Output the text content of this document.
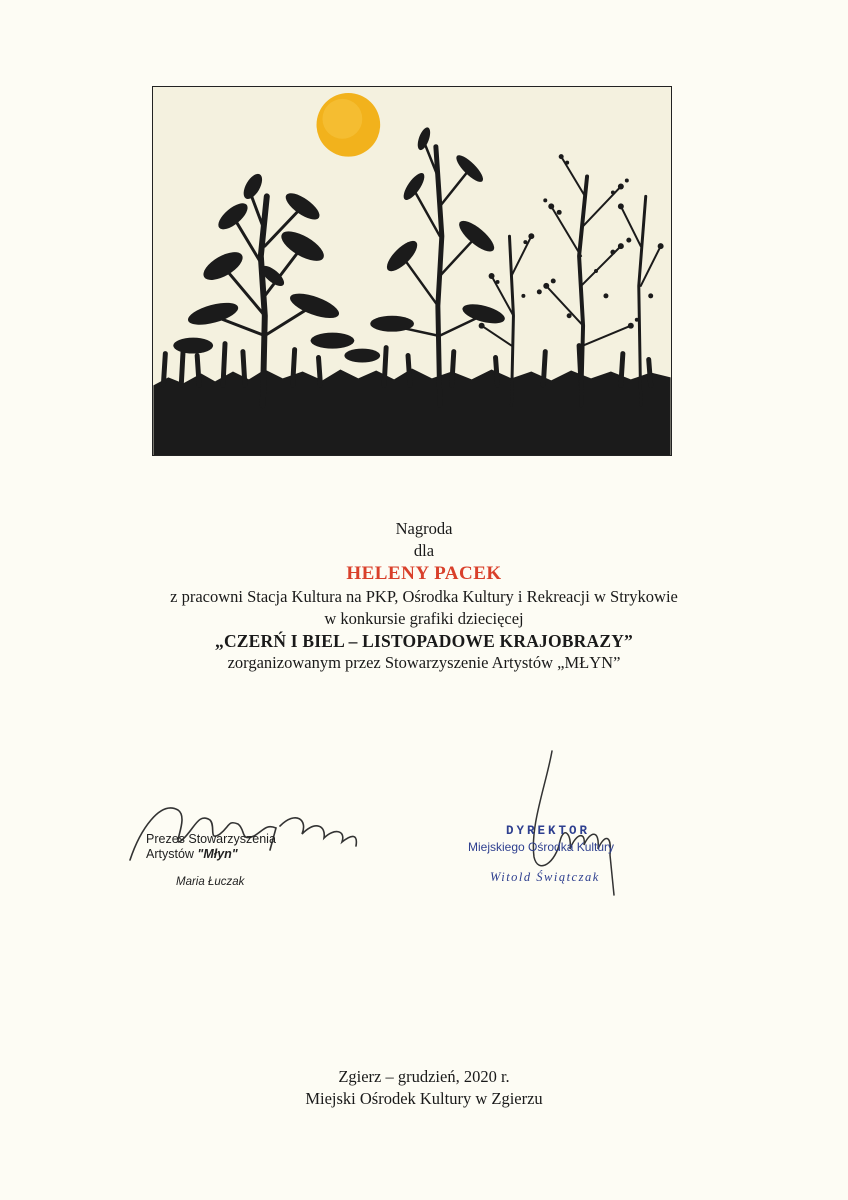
Nagroda
dla
HELENY PACEK
z pracowni Stacja Kultura na PKP, Ośrodka Kultury i Rekreacji w Strykowie
w konkursie grafiki dziecięcej
„CZERŃ I BIEL – LISTOPADOWE KRAJOBRAZY”
zorganizowanym przez Stowarzyszenie Artystów „MŁYN”
Prezes Stowarzyszenia
Artystów "Młyn"
Maria Łuczak
DYREKTOR
Miejskiego Ośrodka Kultury
Witold Świątczak
Zgierz – grudzień, 2020 r.
Miejski Ośrodek Kultury w Zgierzu
